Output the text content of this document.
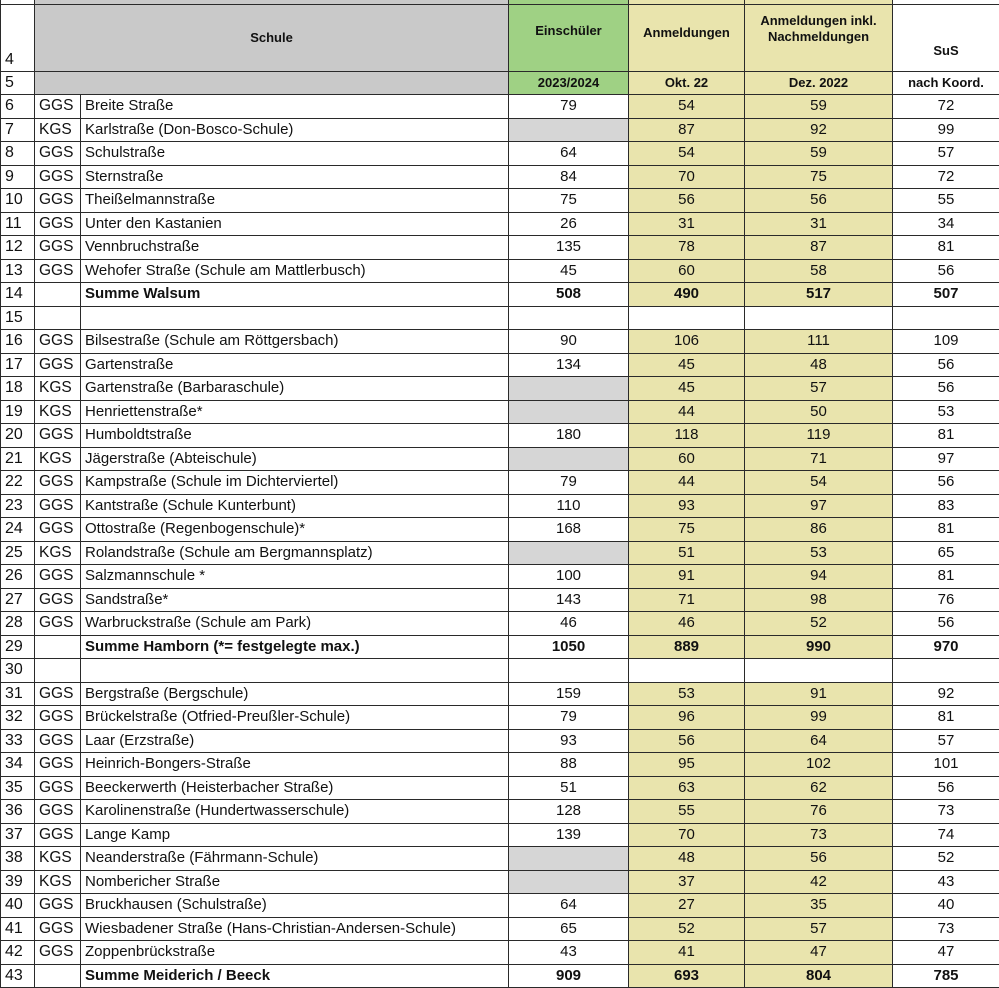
4	Schule		Einschüler	Anmeldungen	Anmeldungen inkl. Nachmeldungen	SuS

5			2023/2024	Okt. 22	Dez. 2022	nach Koord.
6	GGS	Breite Straße	79	54	59	72
7	KGS	Karlstraße (Don-Bosco-Schule)		87	92	99
8	GGS	Schulstraße	64	54	59	57
9	GGS	Sternstraße	84	70	75	72
10	GGS	Theißelmannstraße	75	56	56	55
11	GGS	Unter den Kastanien	26	31	31	34
12	GGS	Vennbruchstraße	135	78	87	81
13	GGS	Wehofer Straße (Schule am Mattlerbusch)	45	60	58	56
14		Summe Walsum	508	490	517	507
15						
16	GGS	Bilsestraße (Schule am Röttgersbach)	90	106	111	109
17	GGS	Gartenstraße	134	45	48	56
18	KGS	Gartenstraße (Barbaraschule)		45	57	56
19	KGS	Henriettenstraße*		44	50	53
20	GGS	Humboldtstraße	180	118	119	81
21	KGS	Jägerstraße (Abteischule)		60	71	97
22	GGS	Kampstraße (Schule im Dichterviertel)	79	44	54	56
23	GGS	Kantstraße (Schule Kunterbunt)	110	93	97	83
24	GGS	Ottostraße (Regenbogenschule)*	168	75	86	81
25	KGS	Rolandstraße (Schule am Bergmannsplatz)		51	53	65
26	GGS	Salzmannschule *	100	91	94	81
27	GGS	Sandstraße*	143	71	98	76
28	GGS	Warbruckstraße (Schule am Park)	46	46	52	56
29		Summe Hamborn (*= festgelegte max.)	1050	889	990	970
30						
31	GGS	Bergstraße (Bergschule)	159	53	91	92
32	GGS	Brückelstraße (Otfried-Preußler-Schule)	79	96	99	81
33	GGS	Laar (Erzstraße)	93	56	64	57
34	GGS	Heinrich-Bongers-Straße	88	95	102	101
35	GGS	Beeckerwerth (Heisterbacher Straße)	51	63	62	56
36	GGS	Karolinenstraße (Hundertwasserschule)	128	55	76	73
37	GGS	Lange Kamp	139	70	73	74
38	KGS	Neanderstraße (Fährmann-Schule)		48	56	52
39	KGS	Nombericher Straße		37	42	43
40	GGS	Bruckhausen (Schulstraße)	64	27	35	40
41	GGS	Wiesbadener Straße (Hans-Christian-Andersen-Schule)	65	52	57	73
42	GGS	Zoppenbrückstraße	43	41	47	47
43		Summe Meiderich / Beeck	909	693	804	785
